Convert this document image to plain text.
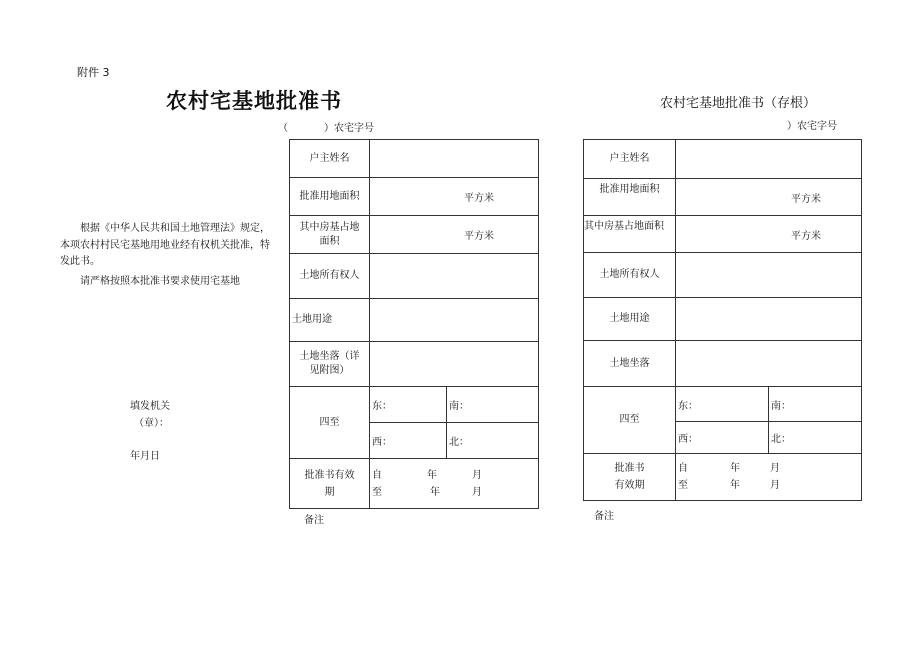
附件 3
农村宅基地批准书	农村宅基地批准书（存根）
（	）农宅字号	）农宅字号

根据《中华人民共和国土地管理法》规定，本项农村村民宅基地用地业经有权机关批准，特发此书。

请严格按照本批准书要求使用宅基地

填发机关
（章）：
年月日
户主姓名		
批准用地面积	平方米	
其中房基占地
面积	平方米	
土地所有权人		
土地用途		
土地坐落（详
见附图）		
四至	东：	南：
	西：	北：
批准书有效
期	自 年 月
至 年 月	
备注
户主姓名		
批准用地面积	平方米	
其中房基占地面积	平方米	
土地所有权人		
土地用途		
土地坐落		
四至	东：	南：
	西：	北：
批准书
有效期	自 年 月
至 年 月	
备注
